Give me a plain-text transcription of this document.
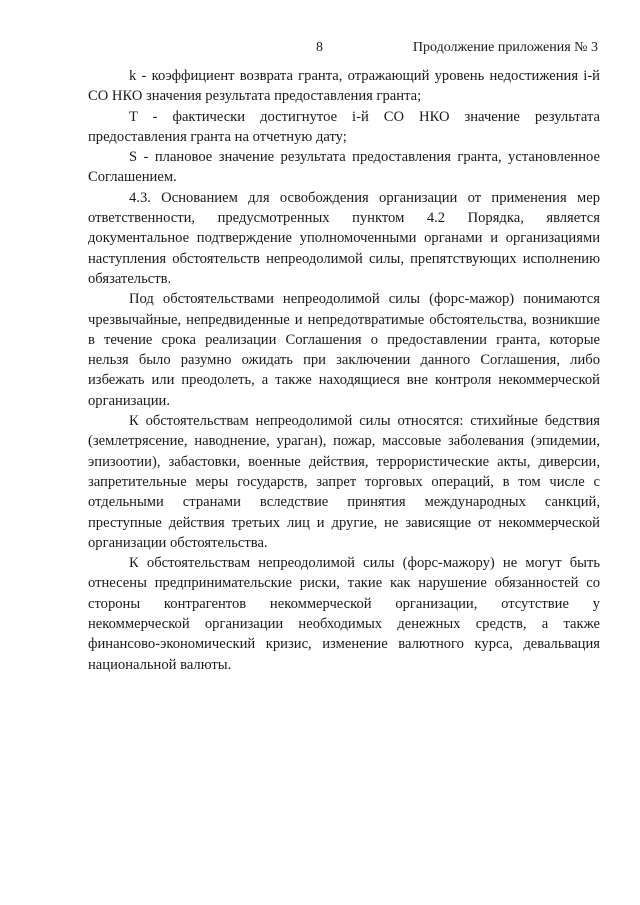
8	Продолжение приложения № 3

k - коэффициент возврата гранта, отражающий уровень недостижения i-й СО НКО значения результата предоставления гранта;

T - фактически достигнутое i-й СО НКО значение результата предоставления гранта на отчетную дату;

S - плановое значение результата предоставления гранта, установленное Соглашением.

4.3. Основанием для освобождения организации от применения мер ответственности, предусмотренных пунктом 4.2 Порядка, является документальное подтверждение уполномоченными органами и организациями наступления обстоятельств непреодолимой силы, препятствующих исполнению обязательств.

Под обстоятельствами непреодолимой силы (форс-мажор) понимаются чрезвычайные, непредвиденные и непредотвратимые обстоятельства, возникшие в течение срока реализации Соглашения о предоставлении гранта, которые нельзя было разумно ожидать при заключении данного Соглашения, либо избежать или преодолеть, а также находящиеся вне контроля некоммерческой организации.

К обстоятельствам непреодолимой силы относятся: стихийные бедствия (землетрясение, наводнение, ураган), пожар, массовые заболевания (эпидемии, эпизоотии), забастовки, военные действия, террористические акты, диверсии, запретительные меры государств, запрет торговых операций, в том числе с отдельными странами вследствие принятия международных санкций, преступные действия третьих лиц и другие, не зависящие от некоммерческой организации обстоятельства.

К обстоятельствам непреодолимой силы (форс-мажору) не могут быть отнесены предпринимательские риски, такие как нарушение обязанностей со стороны контрагентов некоммерческой организации, отсутствие у некоммерческой организации необходимых денежных средств, а также финансово-экономический кризис, изменение валютного курса, девальвация национальной валюты.
